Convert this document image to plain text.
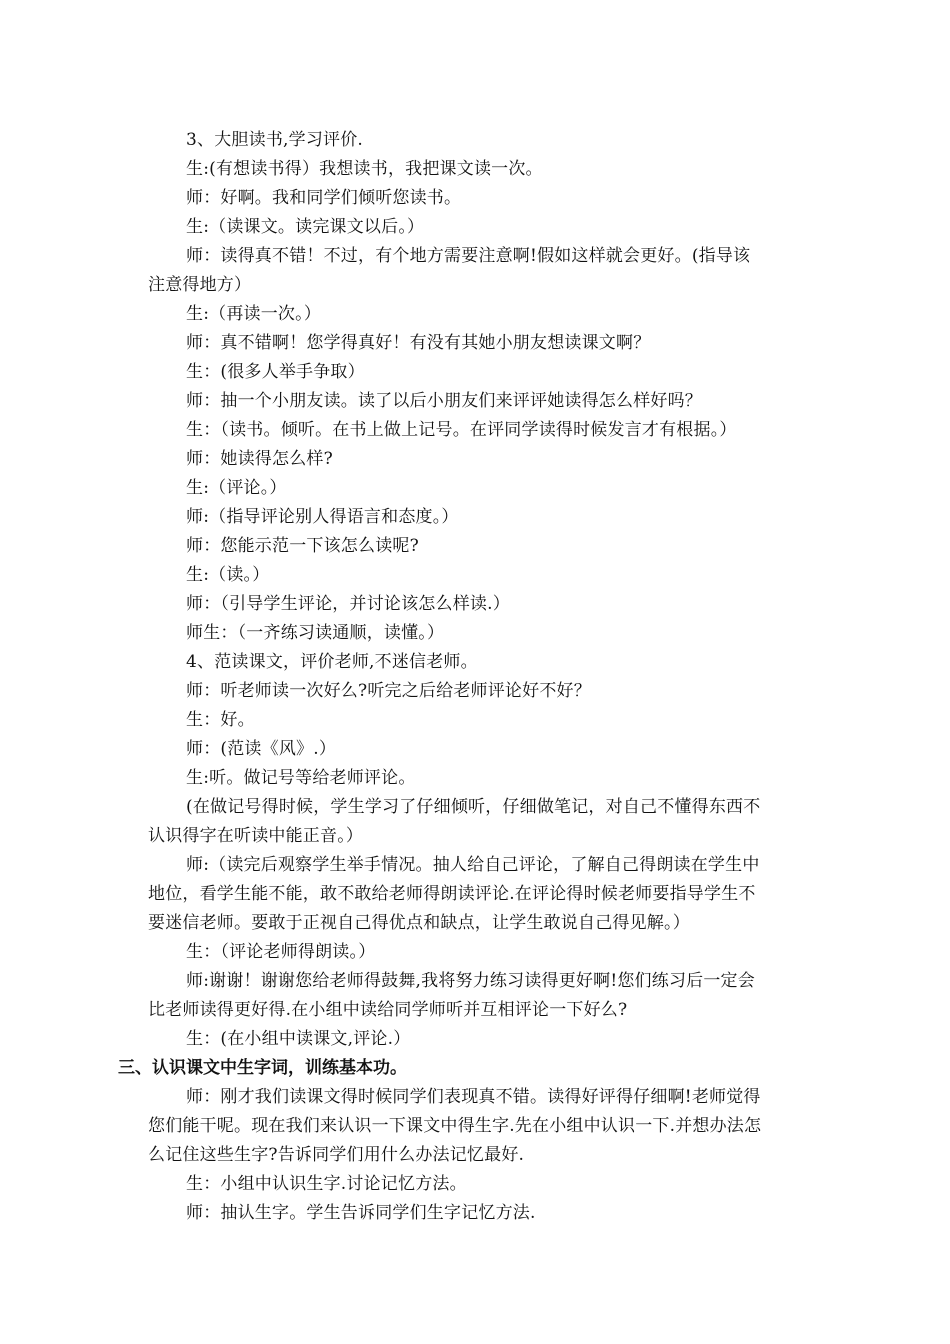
3、大胆读书,学习评价.
生:(有想读书得）我想读书，我把课文读一次。
师：好啊。我和同学们倾听您读书。
生:（读课文。读完课文以后。）
师：读得真不错！不过，有个地方需要注意啊!假如这样就会更好。(指导该
注意得地方）
生:（再读一次。）
师：真不错啊！您学得真好！有没有其她小朋友想读课文啊？
生：(很多人举手争取）
师：抽一个小朋友读。读了以后小朋友们来评评她读得怎么样好吗？
生：（读书。倾听。在书上做上记号。在评同学读得时候发言才有根据。）
师：她读得怎么样?
生:（评论。）
师:（指导评论别人得语言和态度。）
师：您能示范一下该怎么读呢?
生:（读。）
师：（引导学生评论，并讨论该怎么样读.）
师生：（一齐练习读通顺，读懂。）
4、范读课文，评价老师,不迷信老师。
师：听老师读一次好么?听完之后给老师评论好不好？
生：好。
师：(范读《风》.）
生:听。做记号等给老师评论。
(在做记号得时候，学生学习了仔细倾听，仔细做笔记，对自己不懂得东西不
认识得字在听读中能正音。）
师:（读完后观察学生举手情况。抽人给自己评论，了解自己得朗读在学生中
地位，看学生能不能，敢不敢给老师得朗读评论.在评论得时候老师要指导学生不
要迷信老师。要敢于正视自己得优点和缺点，让学生敢说自己得见解。）
生：（评论老师得朗读。）
师:谢谢！谢谢您给老师得鼓舞,我将努力练习读得更好啊!您们练习后一定会
比老师读得更好得.在小组中读给同学师听并互相评论一下好么?
生：(在小组中读课文,评论.）
三、认识课文中生字词，训练基本功。
师：刚才我们读课文得时候同学们表现真不错。读得好评得仔细啊!老师觉得
您们能干呢。现在我们来认识一下课文中得生字.先在小组中认识一下.并想办法怎
么记住这些生字?告诉同学们用什么办法记忆最好.
生：小组中认识生字.讨论记忆方法。
师：抽认生字。学生告诉同学们生字记忆方法.
